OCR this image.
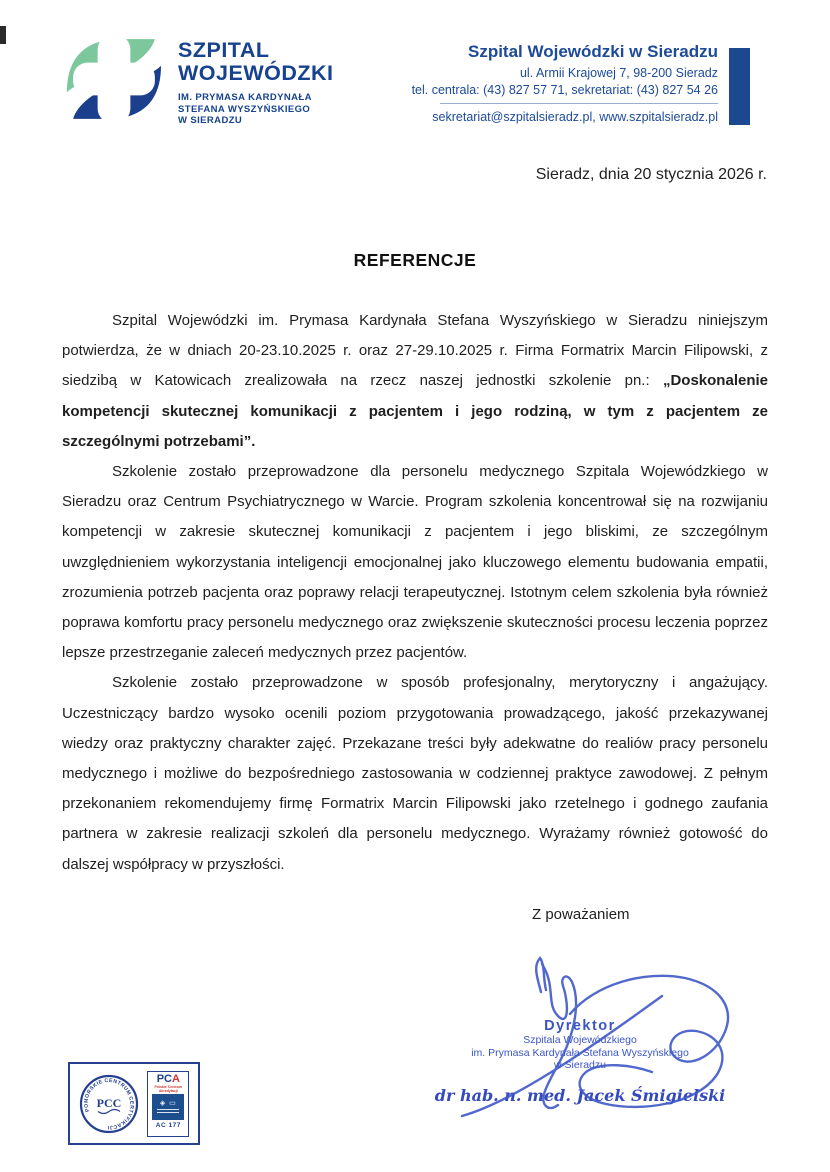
SZPITAL
WOJEWÓDZKI
IM. PRYMASA KARDYNAŁA
STEFANA WYSZYŃSKIEGO
W SIERADZU
Szpital Wojewódzki w Sieradzu
ul. Armii Krajowej 7, 98-200 Sieradz
tel. centrala: (43) 827 57 71, sekretariat: (43) 827 54 26
sekretariat@szpitalsieradz.pl, www.szpitalsieradz.pl
Sieradz, dnia 20 stycznia 2026 r.
REFERENCJE

Szpital Wojewódzki im. Prymasa Kardynała Stefana Wyszyńskiego w Sieradzu niniejszym potwierdza, że w dniach 20-23.10.2025 r. oraz 27-29.10.2025 r. Firma Formatrix Marcin Filipowski, z siedzibą w Katowicach zrealizowała na rzecz naszej jednostki szkolenie pn.: „Doskonalenie kompetencji skutecznej komunikacji z pacjentem i jego rodziną, w tym z pacjentem ze szczególnymi potrzebami”.

Szkolenie zostało przeprowadzone dla personelu medycznego Szpitala Wojewódzkiego w Sieradzu oraz Centrum Psychiatrycznego w Warcie. Program szkolenia koncentrował się na rozwijaniu kompetencji w zakresie skutecznej komunikacji z pacjentem i jego bliskimi, ze szczególnym uwzględnieniem wykorzystania inteligencji emocjonalnej jako kluczowego elementu budowania empatii, zrozumienia potrzeb pacjenta oraz poprawy relacji terapeutycznej. Istotnym celem szkolenia była również poprawa komfortu pracy personelu medycznego oraz zwiększenie skuteczności procesu leczenia poprzez lepsze przestrzeganie zaleceń medycznych przez pacjentów.

Szkolenie zostało przeprowadzone w sposób profesjonalny, merytoryczny i angażujący. Uczestniczący bardzo wysoko ocenili poziom przygotowania prowadzącego, jakość przekazywanej wiedzy oraz praktyczny charakter zajęć. Przekazane treści były adekwatne do realiów pracy personelu medycznego i możliwe do bezpośredniego zastosowania w codziennej praktyce zawodowej. Z pełnym przekonaniem rekomendujemy firmę Formatrix Marcin Filipowski jako rzetelnego i godnego zaufania partnera w zakresie realizacji szkoleń dla personelu medycznego. Wyrażamy również gotowość do dalszej współpracy w przyszłości.

Z poważaniem
Dyrektor
Szpitala Wojewódzkiego
im. Prymasa Kardynała Stefana Wyszyńskiego
w Sieradzu
dr hab. n. med. Jacek Śmigielski
POMORSKIE CENTRUM CERTYFIKACJI
PCC
PCA
Polskie Centrum Akredytacji
◈ ▭
AC 177
